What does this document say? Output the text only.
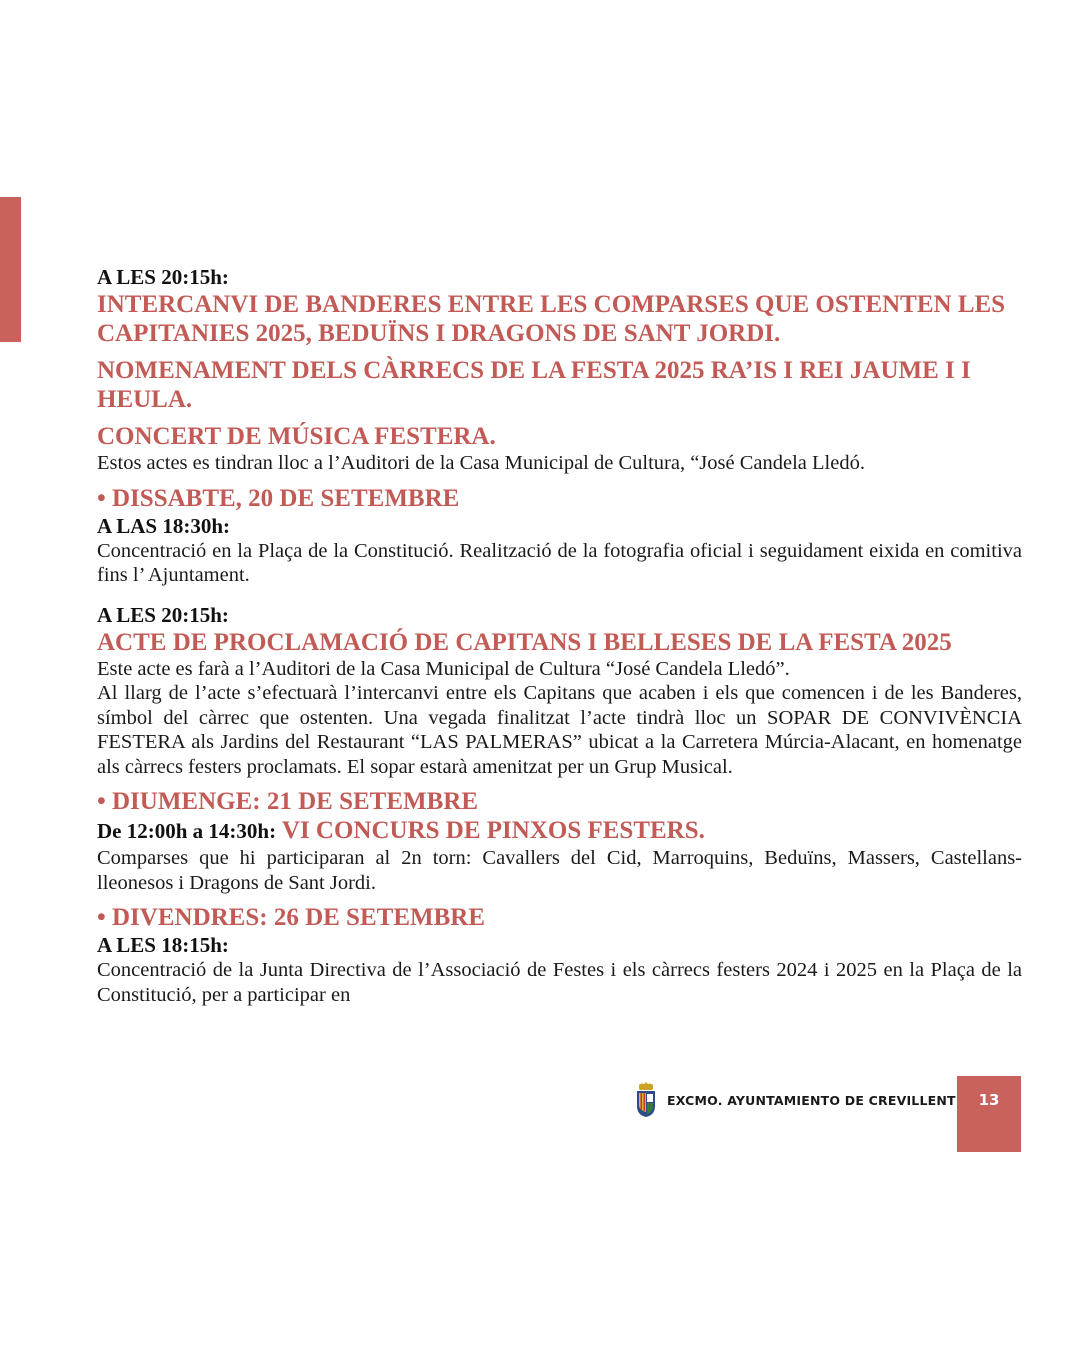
A LES 20:15h:

INTERCANVI DE BANDERES ENTRE LES COMPARSES QUE OSTENTEN LES CAPITANIES 2025, BEDUÏNS I DRAGONS DE SANT JORDI.

NOMENAMENT DELS CÀRRECS DE LA FESTA 2025 RA’IS I REI JAUME I I HEULA.

CONCERT DE MÚSICA FESTERA.

Estos actes es tindran lloc a l’Auditori de la Casa Municipal de Cultura, “José Candela Lledó.

• DISSABTE, 20 DE SETEMBRE

A LAS 18:30h:

Concentració en la Plaça de la Constitució. Realització de la fotografia oficial i seguidament eixida en comitiva fins l’ Ajuntament.

A LES 20:15h:

ACTE DE PROCLAMACIÓ DE CAPITANS I BELLESES DE LA FESTA 2025

Este acte es farà a l’Auditori de la Casa Municipal de Cultura “José Candela Lledó”.

Al llarg de l’acte s’efectuarà l’intercanvi entre els Capitans que acaben i els que comencen i de les Banderes, símbol del càrrec que ostenten. Una vegada finalitzat l’acte tindrà lloc un SOPAR DE CONVIVÈNCIA FESTERA als Jardins del Restaurant “LAS PALMERAS” ubicat a la Carretera Múrcia-Alacant, en homenatge als càrrecs festers proclamats. El sopar estarà amenitzat per un Grup Musical.

• DIUMENGE: 21 DE SETEMBRE

De 12:00h a 14:30h: VI CONCURS DE PINXOS FESTERS.

Comparses que hi participaran al 2n torn: Cavallers del Cid, Marroquins, Beduïns, Massers, Castellans-lleonesos i Dragons de Sant Jordi.

• DIVENDRES: 26 DE SETEMBRE

A LES 18:15h:

Concentració de la Junta Directiva de l’Associació de Festes i els càrrecs festers 2024 i 2025 en la Plaça de la Constitució, per a participar en

EXCMO. AYUNTAMIENTO DE CREVILLENT	13
